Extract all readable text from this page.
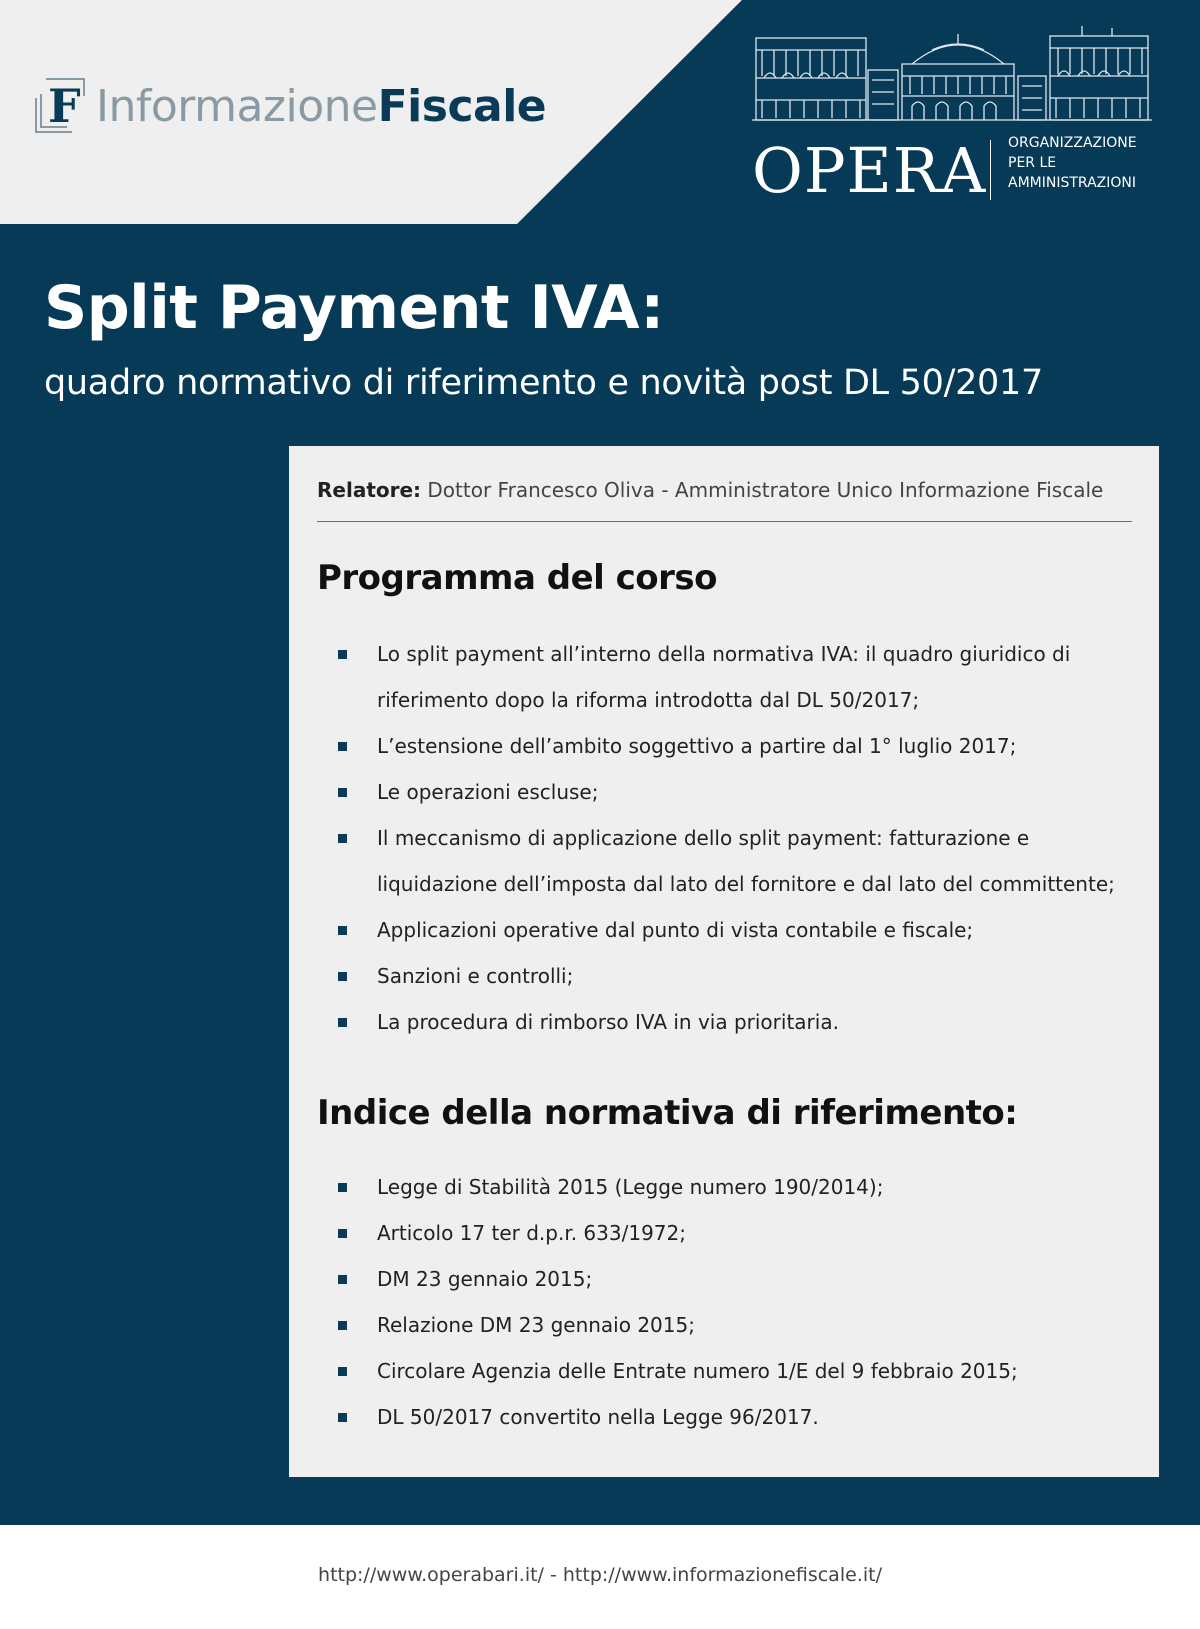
F InformazioneFiscale
OPERA ORGANIZZAZIONE
PER LE
AMMINISTRAZIONI
Split Payment IVA:
quadro normativo di riferimento e novità post DL 50/2017
Relatore: Dottor Francesco Oliva - Amministratore Unico Informazione Fiscale
Programma del corso
Lo split payment all’interno della normativa IVA: il quadro giuridico di riferimento dopo la riforma introdotta dal DL 50/2017;
L’estensione dell’ambito soggettivo a partire dal 1° luglio 2017;
Le operazioni escluse;
Il meccanismo di applicazione dello split payment: fatturazione e liquidazione dell’imposta dal lato del fornitore e dal lato del committente;
Applicazioni operative dal punto di vista contabile e fiscale;
Sanzioni e controlli;
La procedura di rimborso IVA in via prioritaria.
Indice della normativa di riferimento:
Legge di Stabilità 2015 (Legge numero 190/2014);
Articolo 17 ter d.p.r. 633/1972;
DM 23 gennaio 2015;
Relazione DM 23 gennaio 2015;
Circolare Agenzia delle Entrate numero 1/E del 9 febbraio 2015;
DL 50/2017 convertito nella Legge 96/2017.
http://www.operabari.it/ - http://www.informazionefiscale.it/
